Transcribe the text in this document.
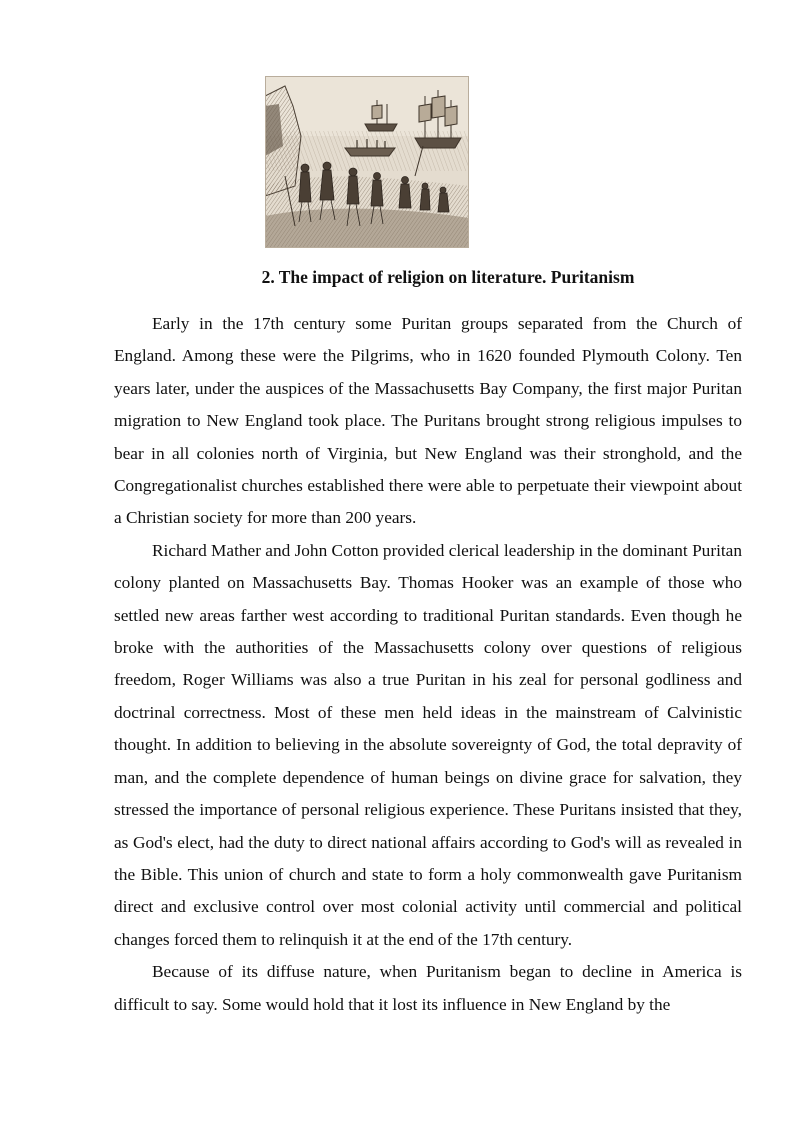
2. The impact of religion on literature. Puritanism

Early in the 17th century some Puritan groups separated from the Church of England. Among these were the Pilgrims, who in 1620 founded Plymouth Colony. Ten years later, under the auspices of the Massachusetts Bay Company, the first major Puritan migration to New England took place. The Puritans brought strong religious impulses to bear in all colonies north of Virginia, but New England was their stronghold, and the Congregationalist churches established there were able to perpetuate their viewpoint about a Christian society for more than 200 years.

Richard Mather and John Cotton provided clerical leadership in the dominant Puritan colony planted on Massachusetts Bay. Thomas Hooker was an example of those who settled new areas farther west according to traditional Puritan standards. Even though he broke with the authorities of the Massachusetts colony over questions of religious freedom, Roger Williams was also a true Puritan in his zeal for personal godliness and doctrinal correctness. Most of these men held ideas in the mainstream of Calvinistic thought. In addition to believing in the absolute sovereignty of God, the total depravity of man, and the complete dependence of human beings on divine grace for salvation, they stressed the importance of personal religious experience. These Puritans insisted that they, as God's elect, had the duty to direct national affairs according to God's will as revealed in the Bible. This union of church and state to form a holy commonwealth gave Puritanism direct and exclusive control over most colonial activity until commercial and political changes forced them to relinquish it at the end of the 17th century.

Because of its diffuse nature, when Puritanism began to decline in America is difficult to say. Some would hold that it lost its influence in New England by the
